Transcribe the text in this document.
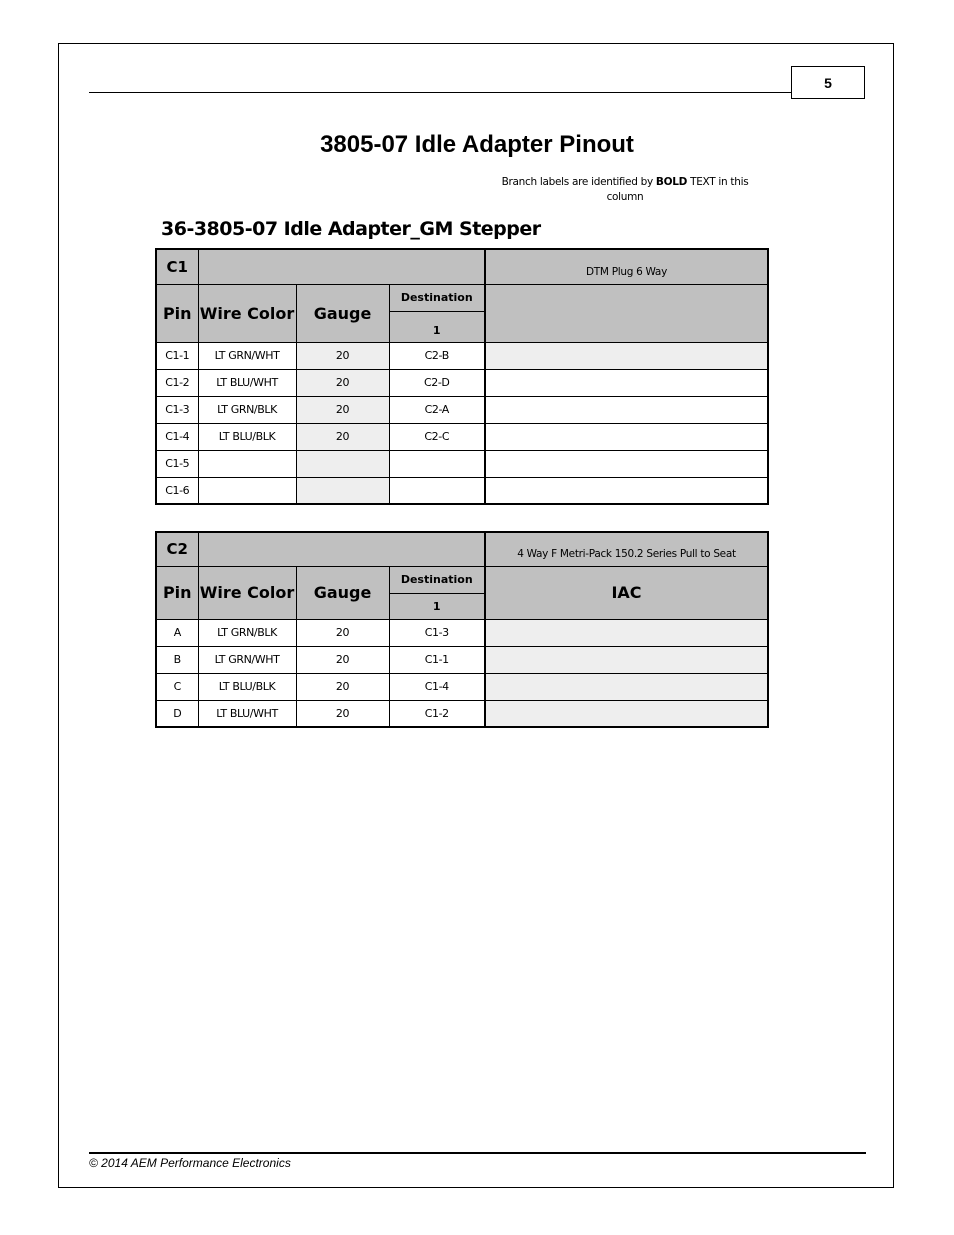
5
3805-07 Idle Adapter Pinout
Branch labels are identified by BOLD TEXT in this column
36-3805-07 Idle Adapter_GM Stepper
C1				DTM Plug 6 Way
Pin	Wire Color	Gauge	Destination	
			1	
C1-1	LT GRN/WHT	20	C2-B	
C1-2	LT BLU/WHT	20	C2-D	
C1-3	LT GRN/BLK	20	C2-A	
C1-4	LT BLU/BLK	20	C2-C	
C1-5				
C1-6				
C2				4 Way F Metri-Pack 150.2 Series Pull to Seat
Pin	Wire Color	Gauge	Destination	IAC
			1	
A	LT GRN/BLK	20	C1-3	
B	LT GRN/WHT	20	C1-1	
C	LT BLU/BLK	20	C1-4	
D	LT BLU/WHT	20	C1-2	
© 2014 AEM Performance Electronics
